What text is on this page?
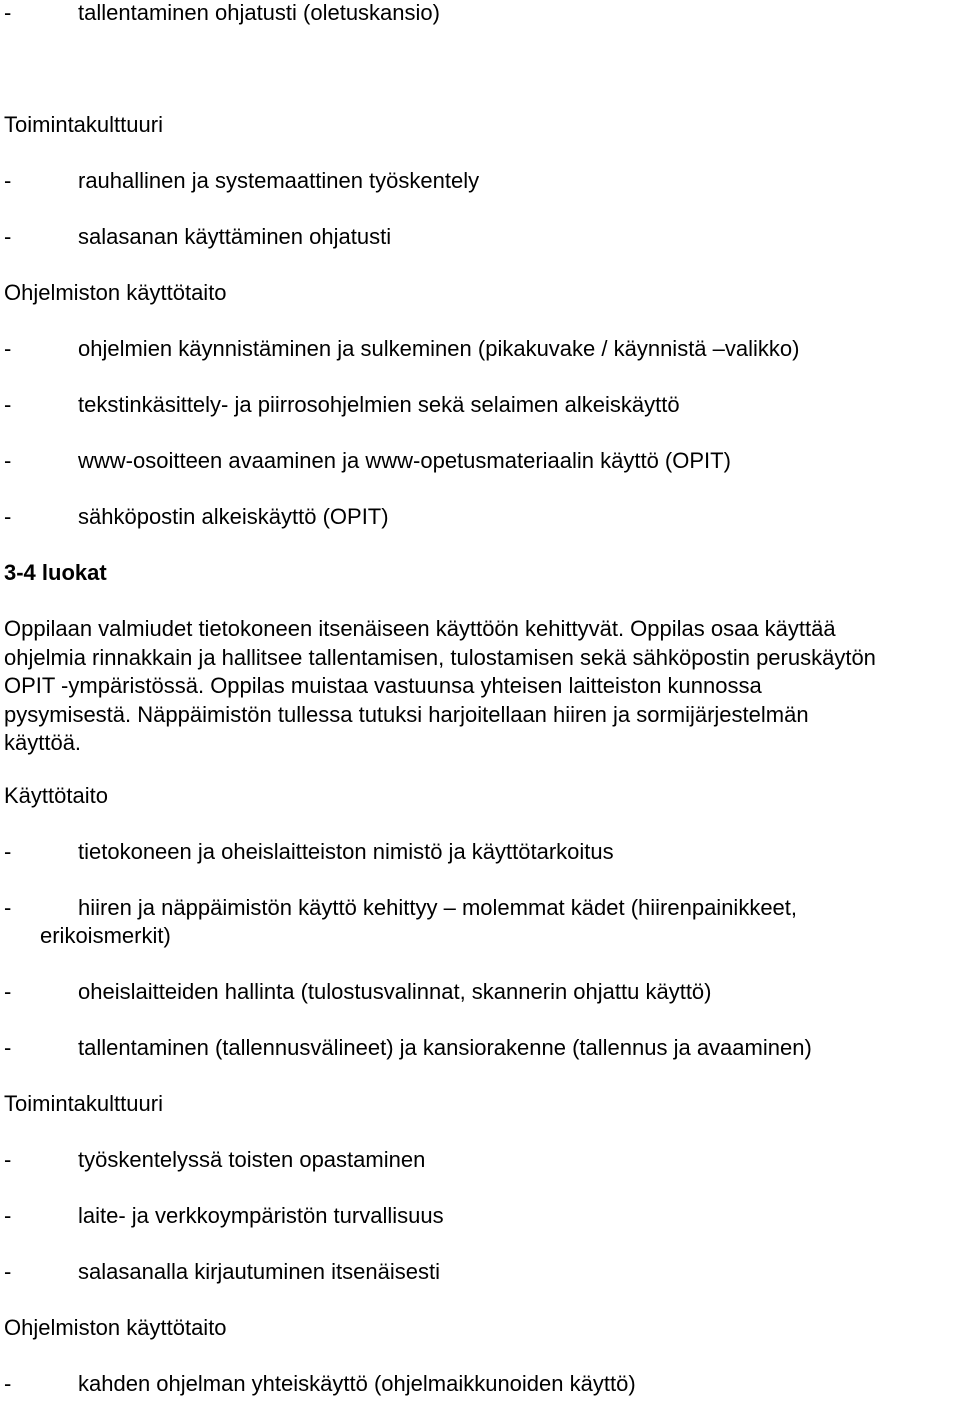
-	tallentaminen ohjatusti (oletuskansio)
Toimintakulttuuri
-	rauhallinen ja systemaattinen työskentely
-	salasanan käyttäminen ohjatusti
Ohjelmiston käyttötaito
-	ohjelmien käynnistäminen ja sulkeminen (pikakuvake / käynnistä –valikko)
-	tekstinkäsittely- ja piirrosohjelmien sekä selaimen alkeiskäyttö
-	www-osoitteen avaaminen ja www-opetusmateriaalin käyttö (OPIT)
-	sähköpostin alkeiskäyttö (OPIT)
3-4 luokat
Oppilaan valmiudet tietokoneen itsenäiseen käyttöön kehittyvät. Oppilas osaa käyttää
ohjelmia rinnakkain ja hallitsee tallentamisen, tulostamisen sekä sähköpostin peruskäytön
OPIT -ympäristössä. Oppilas muistaa vastuunsa yhteisen laitteiston kunnossa
pysymisestä. Näppäimistön tullessa tutuksi harjoitellaan hiiren ja sormijärjestelmän
käyttöä.
Käyttötaito
-	tietokoneen ja oheislaitteiston nimistö ja käyttötarkoitus
-	hiiren ja näppäimistön käyttö kehittyy – molemmat kädet (hiirenpainikkeet,
erikoismerkit)
-	oheislaitteiden hallinta (tulostusvalinnat, skannerin ohjattu käyttö)
-	tallentaminen (tallennusvälineet) ja kansiorakenne (tallennus ja avaaminen)
Toimintakulttuuri
-	työskentelyssä toisten opastaminen
-	laite- ja verkkoympäristön turvallisuus
-	salasanalla kirjautuminen itsenäisesti
Ohjelmiston käyttötaito
-	kahden ohjelman yhteiskäyttö (ohjelmaikkunoiden käyttö)
